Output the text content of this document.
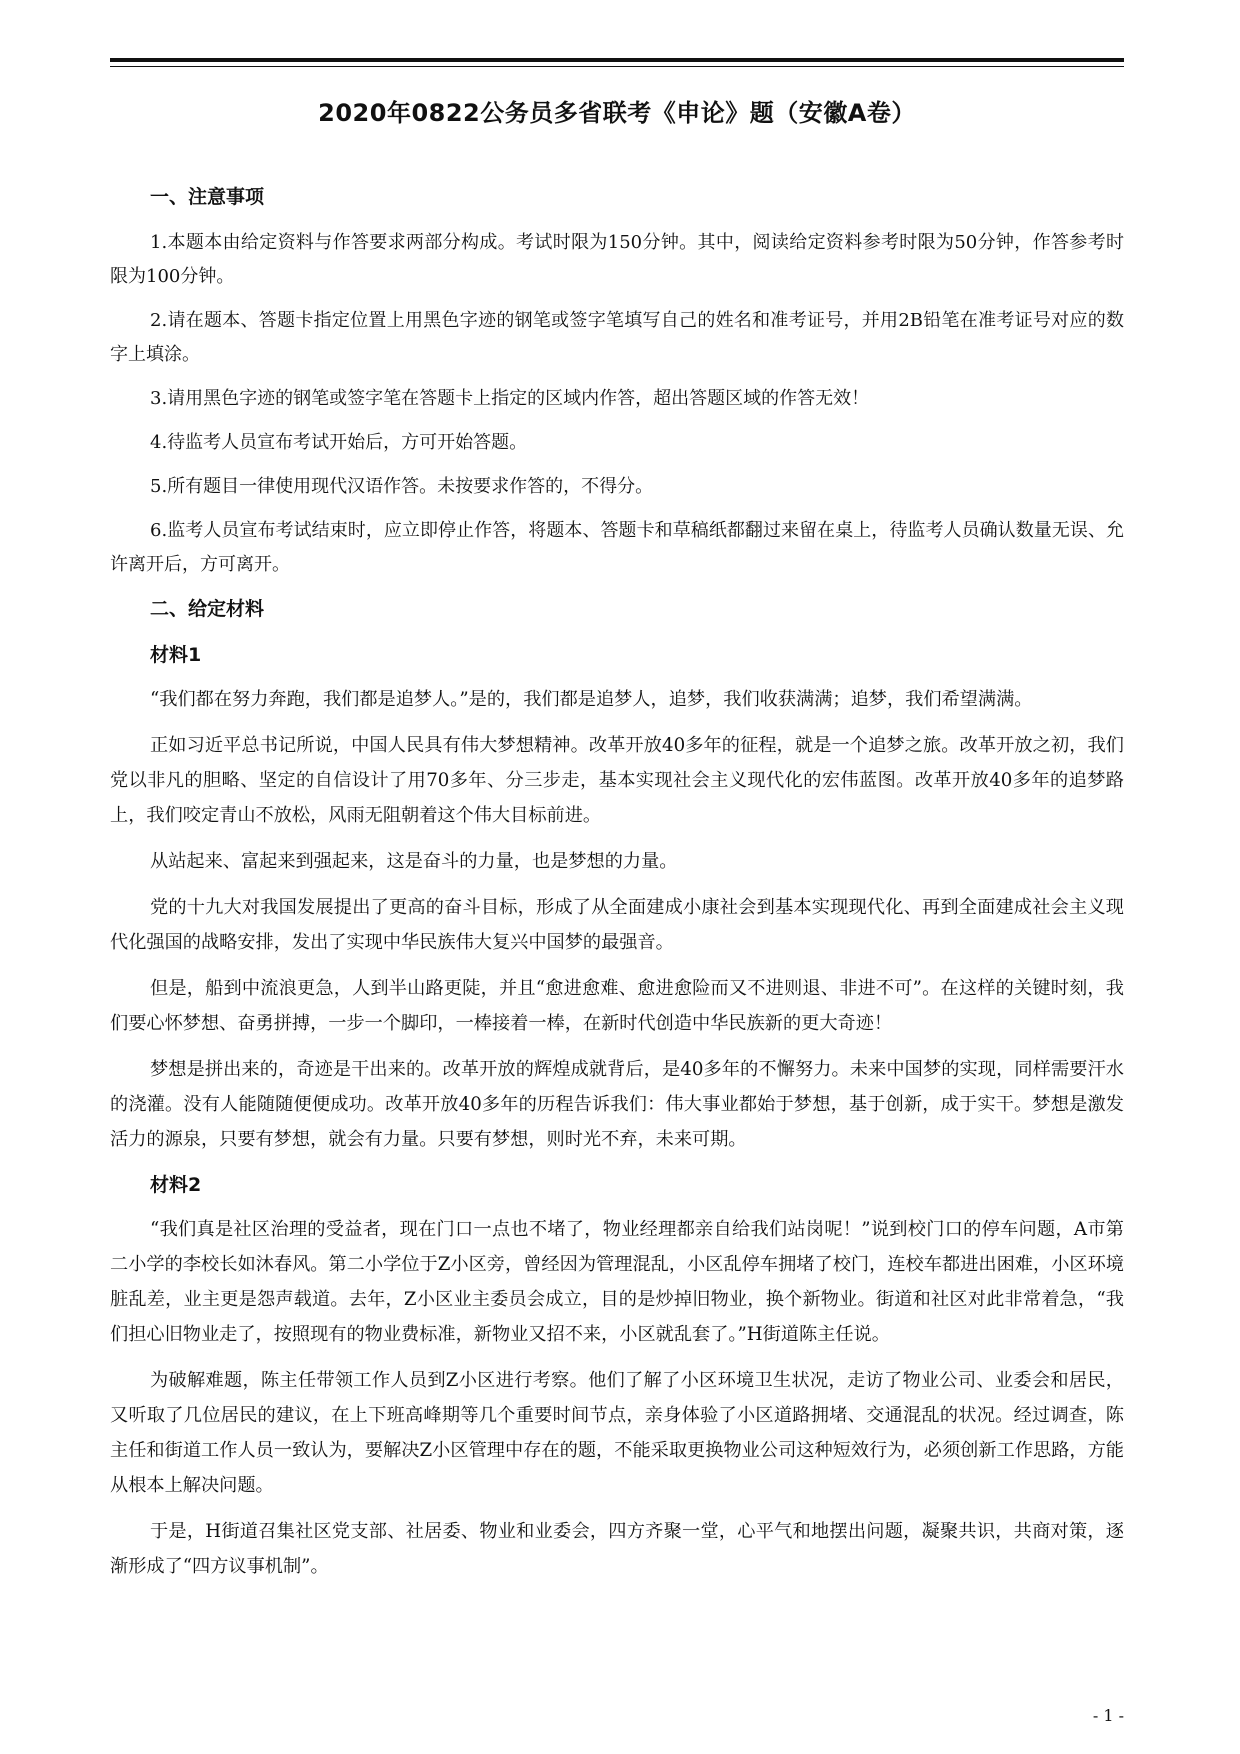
2020年0822公务员多省联考《申论》题（安徽A卷）
一、注意事项

1.本题本由给定资料与作答要求两部分构成。考试时限为150分钟。其中，阅读给定资料参考时限为50分钟，作答参考时限为100分钟。

2.请在题本、答题卡指定位置上用黑色字迹的钢笔或签字笔填写自己的姓名和准考证号，并用2B铅笔在准考证号对应的数字上填涂。

3.请用黑色字迹的钢笔或签字笔在答题卡上指定的区域内作答，超出答题区域的作答无效！

4.待监考人员宣布考试开始后，方可开始答题。

5.所有题目一律使用现代汉语作答。未按要求作答的，不得分。

6.监考人员宣布考试结束时，应立即停止作答，将题本、答题卡和草稿纸都翻过来留在桌上，待监考人员确认数量无误、允许离开后，方可离开。

二、给定材料
材料1

“我们都在努力奔跑，我们都是追梦人。”是的，我们都是追梦人，追梦，我们收获满满；追梦，我们希望满满。

正如习近平总书记所说，中国人民具有伟大梦想精神。改革开放40多年的征程，就是一个追梦之旅。改革开放之初，我们党以非凡的胆略、坚定的自信设计了用70多年、分三步走，基本实现社会主义现代化的宏伟蓝图。改革开放40多年的追梦路上，我们咬定青山不放松，风雨无阻朝着这个伟大目标前进。

从站起来、富起来到强起来，这是奋斗的力量，也是梦想的力量。

党的十九大对我国发展提出了更高的奋斗目标，形成了从全面建成小康社会到基本实现现代化、再到全面建成社会主义现代化强国的战略安排，发出了实现中华民族伟大复兴中国梦的最强音。

但是，船到中流浪更急，人到半山路更陡，并且“愈进愈难、愈进愈险而又不进则退、非进不可”。在这样的关键时刻，我们要心怀梦想、奋勇拼搏，一步一个脚印，一棒接着一棒，在新时代创造中华民族新的更大奇迹！

梦想是拼出来的，奇迹是干出来的。改革开放的辉煌成就背后，是40多年的不懈努力。未来中国梦的实现，同样需要汗水的浇灌。没有人能随随便便成功。改革开放40多年的历程告诉我们：伟大事业都始于梦想，基于创新，成于实干。梦想是激发活力的源泉，只要有梦想，就会有力量。只要有梦想，则时光不弃，未来可期。

材料2

“我们真是社区治理的受益者，现在门口一点也不堵了，物业经理都亲自给我们站岗呢！”说到校门口的停车问题，A市第二小学的李校长如沐春风。第二小学位于Z小区旁，曾经因为管理混乱，小区乱停车拥堵了校门，连校车都进出困难，小区环境脏乱差，业主更是怨声载道。去年，Z小区业主委员会成立，目的是炒掉旧物业，换个新物业。街道和社区对此非常着急，“我们担心旧物业走了，按照现有的物业费标准，新物业又招不来，小区就乱套了。”H街道陈主任说。

为破解难题，陈主任带领工作人员到Z小区进行考察。他们了解了小区环境卫生状况，走访了物业公司、业委会和居民，又听取了几位居民的建议，在上下班高峰期等几个重要时间节点，亲身体验了小区道路拥堵、交通混乱的状况。经过调查，陈主任和街道工作人员一致认为，要解决Z小区管理中存在的题，不能采取更换物业公司这种短效行为，必须创新工作思路，方能从根本上解决问题。

于是，H街道召集社区党支部、社居委、物业和业委会，四方齐聚一堂，心平气和地摆出问题，凝聚共识，共商对策，逐渐形成了“四方议事机制”。

- 1 -
